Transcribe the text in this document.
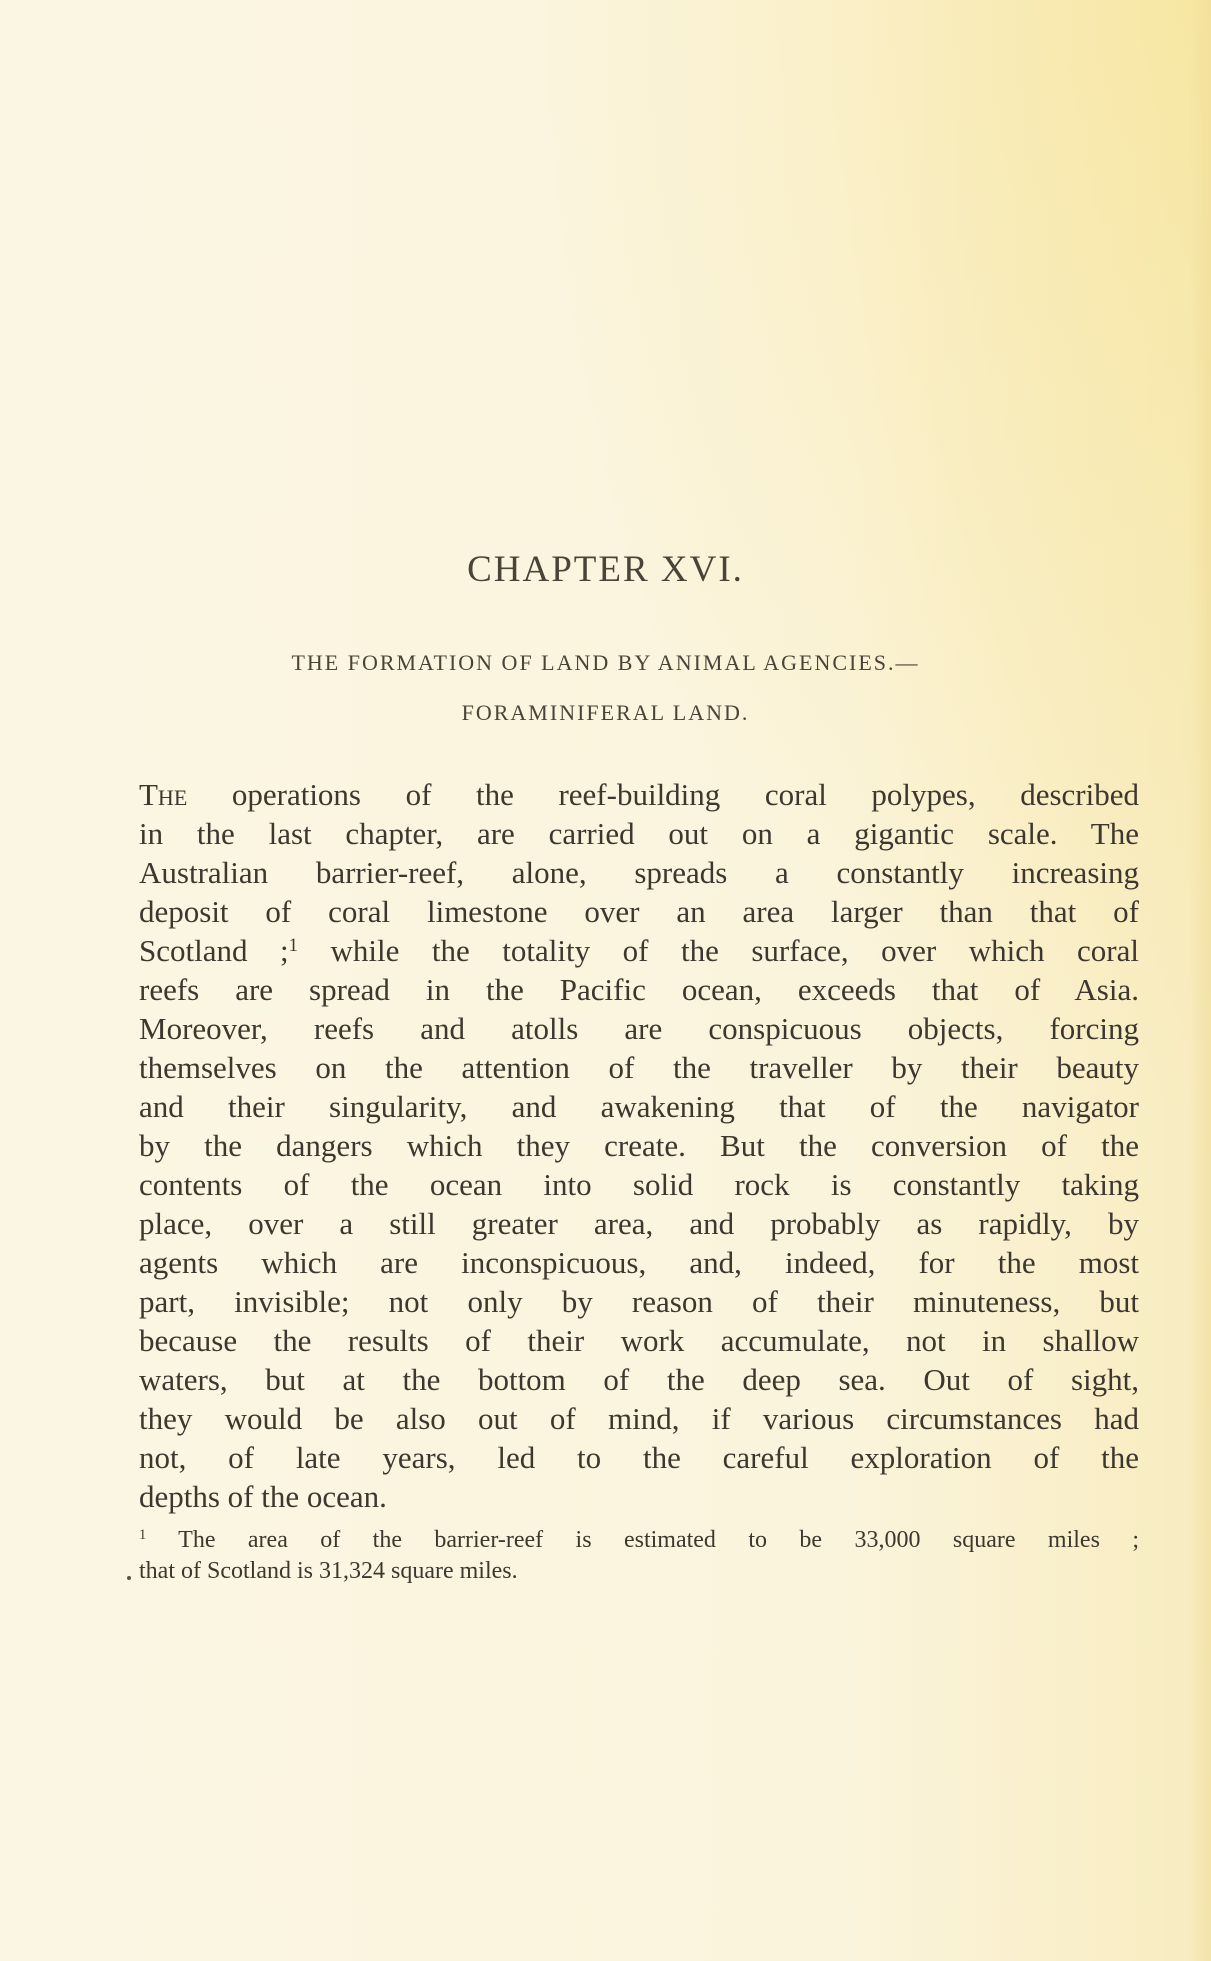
CHAPTER XVI.
THE FORMATION OF LAND BY ANIMAL AGENCIES.—
FORAMINIFERAL LAND.
The operations of the reef-building coral polypes, described
in the last chapter, are carried out on a gigantic scale. The
Australian barrier-reef, alone, spreads a constantly increasing
deposit of coral limestone over an area larger than that of
Scotland ;$^1$ while the totality of the surface, over which coral
reefs are spread in the Pacific ocean, exceeds that of Asia.
Moreover, reefs and atolls are conspicuous objects, forcing
themselves on the attention of the traveller by their beauty
and their singularity, and awakening that of the navigator
by the dangers which they create. But the conversion of the
contents of the ocean into solid rock is constantly taking
place, over a still greater area, and probably as rapidly, by
agents which are inconspicuous, and, indeed, for the most
part, invisible; not only by reason of their minuteness, but
because the results of their work accumulate, not in shallow
waters, but at the bottom of the deep sea. Out of sight,
they would be also out of mind, if various circumstances had
not, of late years, led to the careful exploration of the
depths of the ocean.
$^1$ The area of the barrier-reef is estimated to be 33,000 square miles ;
that of Scotland is 31,324 square miles.
